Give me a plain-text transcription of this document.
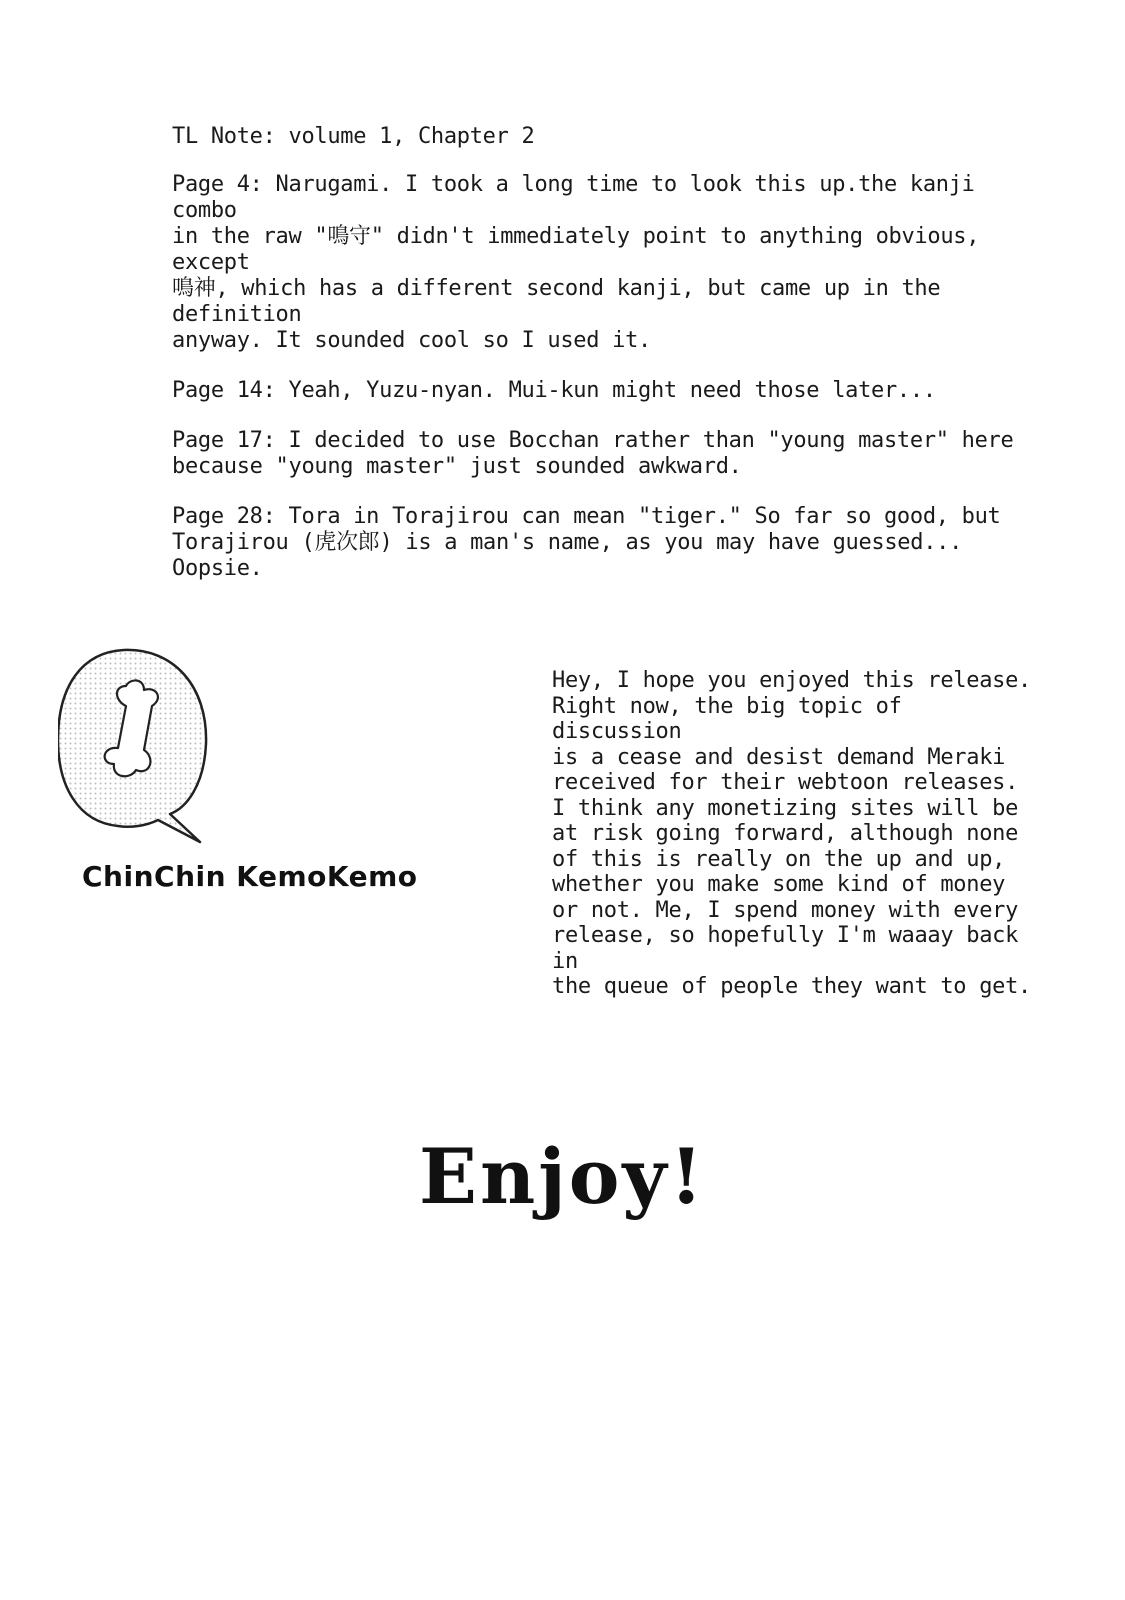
TL Note: volume 1, Chapter 2

Page 4: Narugami. I took a long time to look this up.the kanji combo
in the raw "鳴守" didn't immediately point to anything obvious, except
鳴神, which has a different second kanji, but came up in the definition
anyway. It sounded cool so I used it.

Page 14: Yeah, Yuzu-nyan. Mui-kun might need those later...

Page 17: I decided to use Bocchan rather than "young master" here
because "young master" just sounded awkward.

Page 28: Tora in Torajirou can mean "tiger." So far so good, but
Torajirou (虎次郎) is a man's name, as you may have guessed...
Oopsie.

ChinChin KemoKemo
Hey, I hope you enjoyed this release.
Right now, the big topic of discussion
is a cease and desist demand Meraki
received for their webtoon releases.
I think any monetizing sites will be
at risk going forward, although none
of this is really on the up and up,
whether you make some kind of money
or not. Me, I spend money with every
release, so hopefully I'm waaay back in
the queue of people they want to get.
Enjoy!
